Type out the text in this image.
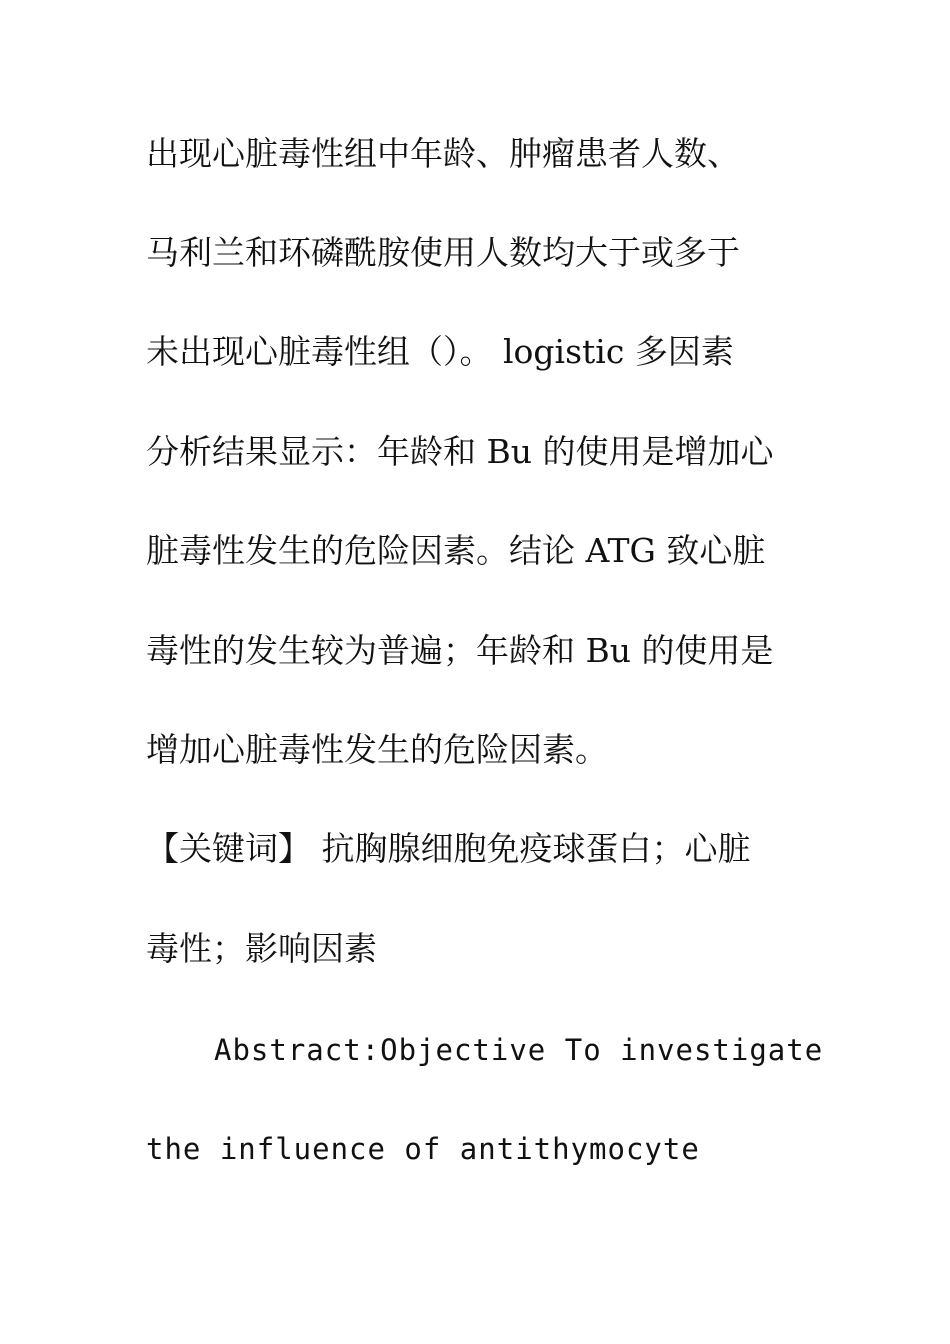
出现心脏毒性组中年龄、肿瘤患者人数、

马利兰和环磷酰胺使用人数均大于或多于

未出现心脏毒性组（）。 logistic 多因素

分析结果显示：年龄和 Bu 的使用是增加心

脏毒性发生的危险因素。结论 ATG 致心脏

毒性的发生较为普遍；年龄和 Bu 的使用是

增加心脏毒性发生的危险因素。

【关键词】 抗胸腺细胞免疫球蛋白；心脏

毒性；影响因素

Abstract:Objective To investigate

the influence of antithymocyte
